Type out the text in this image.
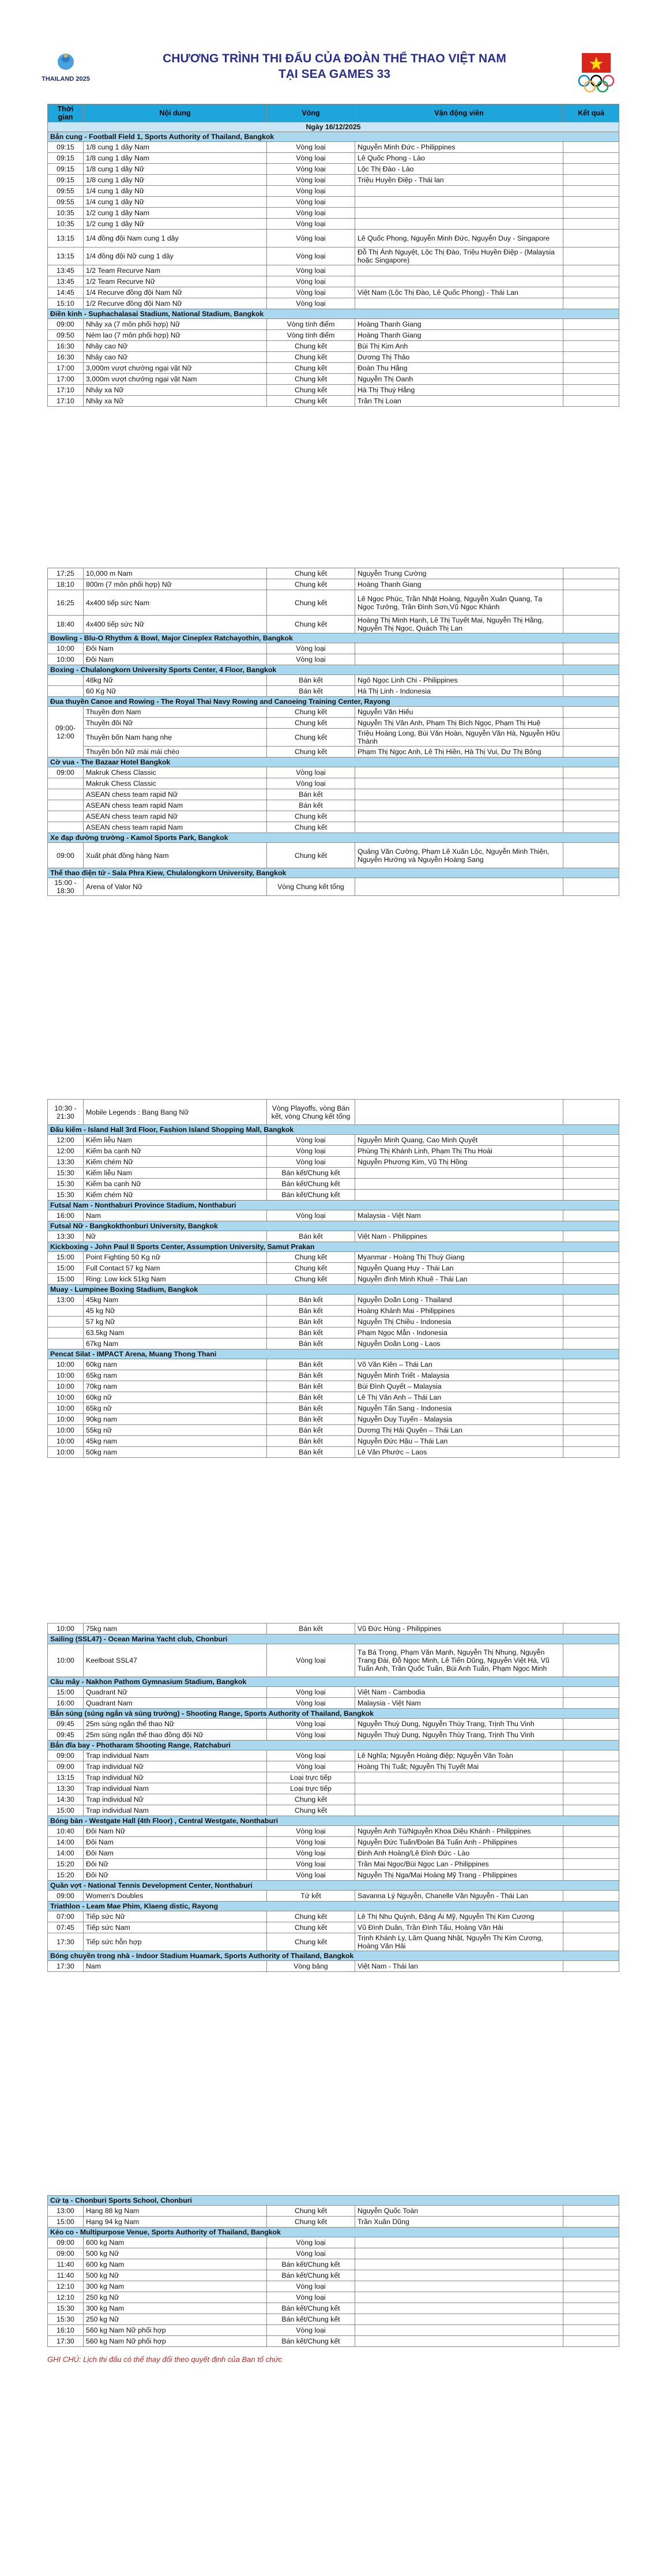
THAILAND 2025
CHƯƠNG TRÌNH THI ĐẤU CỦA ĐOÀN THỂ THAO VIỆT NAM
TẠI SEA GAMES 33
Thời gian	Nội dung	Vòng	Vận động viên	Kết quả
Ngày 16/12/2025				
Bắn cung - Football Field 1, Sports Authority of Thailand, Bangkok				
09:15	1/8 cung 1 dây Nam	Vòng loại	Nguyễn Minh Đức - Philippines	
09:15	1/8 cung 1 dây Nam	Vòng loại	Lê Quốc Phong - Lào	
09:15	1/8 cung 1 dây Nữ	Vòng loại	Lộc Thị Đào - Lào	
09:15	1/8 cung 1 dây Nữ	Vòng loại	Triệu Huyền Điệp - Thái lan	
09:55	1/4 cung 1 dây Nữ	Vòng loại		
09:55	1/4 cung 1 dây Nữ	Vòng loại		
10:35	1/2 cung 1 dây Nam	Vòng loại		
10:35	1/2 cung 1 dây Nữ	Vòng loại		
13:15	1/4 đồng đội Nam cung 1 dây	Vòng loại	Lê Quốc Phong, Nguyễn Minh Đức, Nguyễn Duy - Singapore	
13:15	1/4 đồng đội Nữ cung 1 dây	Vòng loại	Đỗ Thị Ánh Nguyệt, Lộc Thị Đào, Triệu Huyền Điệp - (Malaysia hoặc Singapore)	
13:45	1/2 Team Recurve Nam	Vòng loại		
13:45	1/2 Team Recurve Nữ	Vòng loại		
14:45	1/4 Recurve đồng đội Nam Nữ	Vòng loại	Việt Nam (Lộc Thị Đào, Lê Quốc Phong) - Thái Lan	
15:10	1/2 Recurve đồng đội Nam Nữ	Vòng loại		
Điền kinh - Suphachalasai Stadium, National Stadium, Bangkok				
09:00	Nhảy xa (7 môn phối hợp) Nữ	Vòng tính điểm	Hoàng Thanh Giang	
09:50	Ném lao (7 môn phối hợp) Nữ	Vòng tính điểm	Hoàng Thanh Giang	
16:30	Nhảy cao Nữ	Chung kết	Bùi Thị Kim Anh	
16:30	Nhảy cao Nữ	Chung kết	Dương Thị Thảo	
17:00	3,000m vượt chướng ngại vật Nữ	Chung kết	Đoàn Thu Hằng	
17:00	3,000m vượt chướng ngại vật Nam	Chung kết	Nguyễn Thị Oanh	
17:10	Nhảy xa Nữ	Chung kết	Hà Thị Thuý Hằng	
17:10	Nhảy xa Nữ	Chung kết	Trần Thị Loan	
17:25	10,000 m Nam	Chung kết	Nguyễn Trung Cường	
18:10	800m (7 môn phối hợp) Nữ	Chung kết	Hoàng Thanh Giang	
16:25	4x400 tiếp sức Nam	Chung kết	Lê Ngọc Phúc, Trần Nhật Hoàng, Nguyễn Xuân Quang, Tạ Ngọc Tưởng, Trần Đình Sơn,Vũ Ngọc Khánh	
18:40	4x400 tiếp sức Nữ	Chung kết	Hoàng Thị Minh Hạnh, Lê Thị Tuyết Mai, Nguyễn Thị Hằng, Nguyễn Thị Ngọc, Quách Thị Lan	
Bowling - Blu-O Rhythm & Bowl, Major Cineplex Ratchayothin, Bangkok				
10:00	Đôi Nam	Vòng loại		
10:00	Đôi Nam	Vòng loại		
Boxing - Chulalongkorn University Sports Center, 4 Floor, Bangkok				
	48kg Nữ	Bán kết	Ngô Ngọc Linh Chi - Philippines	
	60 Kg Nữ	Bán kết	Hà Thị Linh - Indonesia	
Đua thuyền Canoe and Rowing - The Royal Thai Navy Rowing and Canoeing Training Center, Rayong				
09:00-12:00	Thuyền đơn Nam	Chung kết	Nguyễn Văn Hiếu	
	Thuyền đôi Nữ	Chung kết	Nguyễn Thị Vân Anh, Phạm Thị Bích Ngọc, Phạm Thị Huệ	
	Thuyền bốn Nam hạng nhẹ	Chung kết	Triệu Hoàng Long, Bùi Văn Hoàn, Nguyễn Văn Hà, Nguyễn Hữu Thành	
	Thuyền bốn Nữ mái mái chèo	Chung kết	Phạm Thị Ngọc Anh, Lê Thị Hiền, Hà Thị Vui, Dư Thị Bông	
Cờ vua - The Bazaar Hotel Bangkok				
09:00	Makruk Chess Classic	Vòng loại		
	Makruk Chess Classic	Vòng loại		
	ASEAN chess team rapid Nữ	Bán kết		
	ASEAN chess team rapid Nam	Bán kết		
	ASEAN chess team rapid Nữ	Chung kết		
	ASEAN chess team rapid Nam	Chung kết		
Xe đạp đường trường - Kamol Sports Park, Bangkok				
09:00	Xuất phát đồng hàng Nam	Chung kết	Quảng Văn Cường, Phạm Lê Xuân Lộc, Nguyễn Minh Thiện, Nguyễn Hướng và Nguyễn Hoàng Sang	
Thể thao điện tử - Sala Phra Kiew, Chulalongkorn University, Bangkok				
15:00 - 18:30	Arena of Valor Nữ	Vòng Chung kết tổng		
10:30 - 21:30	Mobile Legends : Bang Bang Nữ	Vòng Playoffs, vòng Bán kết, vòng Chung kết tổng		
Đấu kiếm - Island Hall 3rd Floor, Fashion Island Shopping Mall, Bangkok				
12:00	Kiếm liễu Nam	Vòng loại	Nguyễn Minh Quang, Cao Minh Quyết	
12:00	Kiếm ba cạnh Nữ	Vòng loại	Phùng Thị Khánh Linh, Phạm Thị Thu Hoài	
13:30	Kiếm chém Nữ	Vòng loại	Nguyễn Phương Kim, Vũ Thị Hồng	
15:30	Kiếm liễu Nam	Bán kết/Chung kết		
15:30	Kiếm ba cạnh Nữ	Bán kết/Chung kết		
15:30	Kiếm chém Nữ	Bán kết/Chung kết		
Futsal Nam - Nonthaburi Province Stadium, Nonthaburi				
16:00	Nam	Vòng loại	Malaysia - Việt Nam	
Futsal Nữ - Bangkokthonburi University, Bangkok				
13:30	Nữ	Bán kết	Việt Nam - Philippines	
Kickboxing - John Paul II Sports Center, Assumption University, Samut Prakan				
15:00	Point Fighting 50 Kg nữ	Chung kết	Myanmar - Hoàng Thị Thuỳ Giang	
15:00	Full Contact 57 kg Nam	Chung kết	Nguyễn Quang Huy - Thái Lan	
15:00	Ring: Low kick 51kg Nam	Chung kết	Nguyễn đình Minh Khuê - Thái Lan	
Muay - Lumpinee Boxing Stadium, Bangkok				
13:00	45kg Nam	Bán kết	Nguyễn Doãn Long - Thailand	
	45 kg Nữ	Bán kết	Hoàng Khánh Mai - Philippines	
	57 kg Nữ	Bán kết	Nguyễn Thị Chiều - Indonesia	
	63.5kg Nam	Bán kết	Phạm Ngọc Mẫn - Indonesia	
	67kg Nam	Bán kết	Nguyễn Doãn Long - Laos	
Pencat Silat - IMPACT Arena, Muang Thong Thani				
10:00	60kg nam	Bán kết	Võ Văn Kiên – Thái Lan	
10:00	65kg nam	Bán kết	Nguyễn Minh Triết - Malaysia	
10:00	70kg nam	Bán kết	Bùi Đình Quyết – Malaysia	
10:00	60kg nữ	Bán kết	Lê Thị Vân Anh – Thái Lan	
10:00	65kg nữ	Bán kết	Nguyễn Tấn Sang - Indonesia	
10:00	90kg nam	Bán kết	Nguyễn Duy Tuyến - Malaysia	
10:00	55kg nữ	Bán kết	Dương Thị Hải Quyên – Thái Lan	
10:00	45kg nam	Bán kết	Nguyễn Đức Hậu – Thái Lan	
10:00	50kg nam	Bán kết	Lê Văn Phước – Laos	
10:00	75kg nam	Bán kết	Vũ Đức Hùng - Philippines	
Sailing (SSL47) - Ocean Marina Yacht club, Chonburi				
10:00	Keelboat SSL47	Vòng loại	Tạ Bá Trọng, Phạm Văn Mạnh, Nguyễn Thị Nhung, Nguyễn Trang Đài, Đỗ Ngọc Minh, Lê Tiến Dũng, Nguyễn Việt Hà, Vũ Tuấn Anh, Trần Quốc Tuấn, Bùi Anh Tuấn, Phạm Ngọc Minh	
Cầu mây - Nakhon Pathom Gymnasium Stadium, Bangkok				
15:00	Quadrant Nữ	Vòng loại	Việt Nam - Cambodia	
16:00	Quadrant Nam	Vòng loại	Malaysia - Việt Nam	
Bắn súng (súng ngắn và súng trường) - Shooting Range, Sports Authority of Thailand, Bangkok				
09:45	25m súng ngắn thể thao Nữ	Vòng loại	Nguyễn Thuỳ Dung, Nguyễn Thùy Trang, Trịnh Thu Vinh	
09:45	25m súng ngắn thể thao đồng đội Nữ	Vòng loại	Nguyễn Thuỳ Dung, Nguyễn Thùy Trang, Trịnh Thu Vinh	
Bắn đĩa bay - Photharam Shooting Range, Ratchaburi				
09:00	Trap individual Nam	Vòng loại	Lê Nghĩa; Nguyễn Hoàng điệp; Nguyễn Văn Toàn	
09:00	Trap individual Nữ	Vòng loại	Hoàng Thị Tuất; Nguyễn Thị Tuyết Mai	
13:15	Trap individual Nữ	Loại trực tiếp		
13:30	Trap individual Nam	Loại trực tiếp		
14:30	Trap individual Nữ	Chung kết		
15:00	Trap individual Nam	Chung kết		
Bóng bàn - Westgate Hall (4th Floor) , Central Westgate, Nonthaburi				
10:40	Đôi Nam Nữ	Vòng loại	Nguyễn Anh Tú/Nguyễn Khoa Diệu Khánh - Philippines	
14:00	Đôi Nam	Vòng loại	Nguyễn Đức Tuấn/Đoàn Bá Tuấn Anh - Philippines	
14:00	Đôi Nam	Vòng loại	Đinh Anh Hoàng/Lê Đình Đức - Lào	
15:20	Đôi Nữ	Vòng loại	Trần Mai Ngọc/Bùi Ngọc Lan - Philippines	
15:20	Đôi Nữ	Vòng loại	Nguyễn Thị Nga/Mai Hoàng Mỹ Trang - Philippines	
Quần vợt - National Tennis Development Center, Nonthaburi				
09:00	Women's Doubles	Tứ kết	Savanna Lý Nguyễn, Chanelle Văn Nguyễn - Thái Lan	
Triathlon - Leam Mae Phim, Klaeng distic, Rayong				
07:00	Tiếp sức Nữ	Chung kết	Lê Thị Nhu Quỳnh, Đặng Ái Mỹ, Nguyễn Thị Kim Cương	
07:45	Tiếp sức Nam	Chung kết	Vũ Đình Duân, Trần Đình Tấu, Hoàng Văn Hải	
17:30	Tiếp sức hỗn hợp	Chung kết	Trịnh Khánh Ly, Lâm Quang Nhật, Nguyễn Thị Kim Cương, Hoàng Văn Hải	
Bóng chuyền trong nhà - Indoor Stadium Huamark, Sports Authority of Thailand, Bangkok				
17:30	Nam	Vòng bảng	Việt Nam - Thái lan	
Cử tạ - Chonburi Sports School, Chonburi				
13:00	Hạng 88 kg Nam	Chung kết	Nguyễn Quốc Toàn	
15:00	Hạng 94 kg Nam	Chung kết	Trần Xuân Dũng	
Kéo co - Multipurpose Venue, Sports Authority of Thailand, Bangkok				
09:00	600 kg Nam	Vòng loại		
09:00	500 kg Nữ	Vòng loại		
11:40	600 kg Nam	Bán kết/Chung kết		
11:40	500 kg Nữ	Bán kết/Chung kết		
12:10	300 kg Nam	Vòng loại		
12:10	250 kg Nữ	Vòng loại		
15:30	300 kg Nam	Bán kết/Chung kết		
15:30	250 kg Nữ	Bán kết/Chung kết		
16:10	560 kg Nam Nữ phối hợp	Vòng loại		
17:30	560 kg Nam Nữ phối hợp	Bán kết/Chung kết		
GHI CHÚ: Lịch thi đấu có thể thay đổi theo quyết định của Ban tổ chức
